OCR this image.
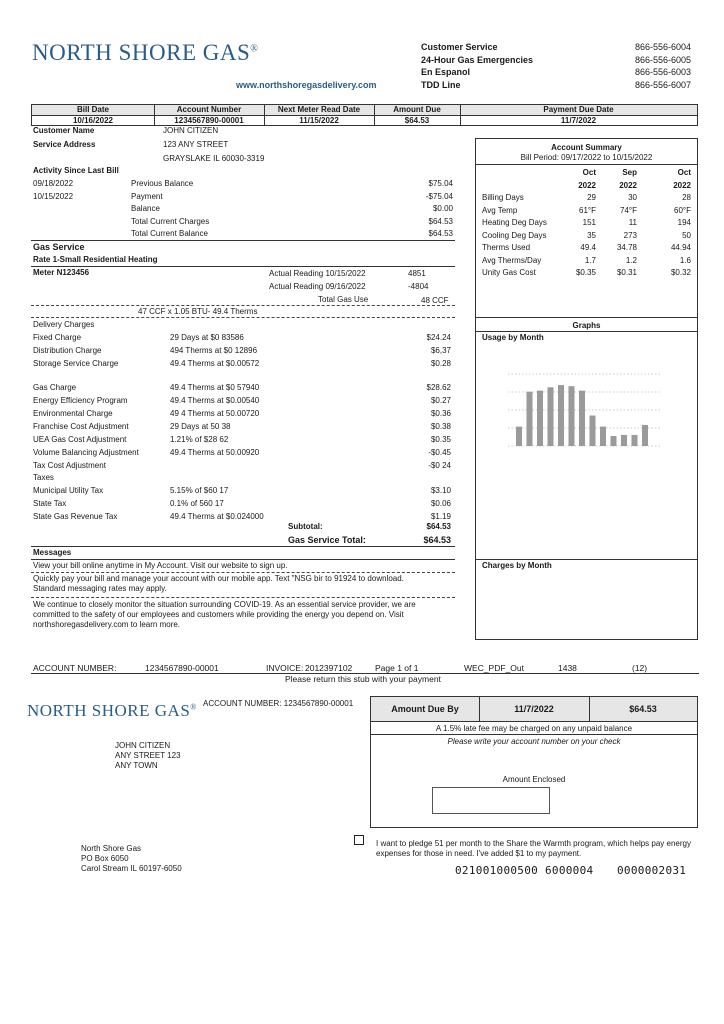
NORTH SHORE GAS®
www.northshoregasdelivery.com
Customer Service	866-556-6004
24-Hour Gas Emergencies	866-556-6005
En Espanol	866-556-6003
TDD Line	866-556-6007
Bill Date	Account Number	Next Meter Read Date	Amount Due	Payment Due Date
10/16/2022	1234567890-00001	11/15/2022	$64.53	11/7/2022
Customer Name	JOHN CITIZEN
Service Address	123 ANY STREET
GRAYSLAKE IL 60030-3319
Activity Since Last Bill
09/18/2022	Previous Balance	$75.04
10/15/2022	Payment	-$75.04
Balance	$0.00
Total Current Charges	$64.53
Total Current Balance	$64.53
Gas Service
Rate 1-Small Residential Heating
Meter N123456	Actual Reading 10/15/2022	4851
Actual Reading 09/16/2022	-4804
Total Gas Use	48 CCF
47 CCF x 1.05 BTU- 49.4 Therms
Delivery Charges
Fixed Charge	29 Days at $0 83586	$24.24
Distribution Charge	494 Therms at $0 12896	$6,37
Storage Service Charge	49.4 Therms at $0.00572	$0.28
Gas Charge	49.4 Therms at $0 57940	$28.62
Energy Efficiency Program	49.4 Therms at $0.00540	$0.27
Environmental Charge	49 4 Therms at 50.00720	$0.36
Franchise Cost Adjustment	29 Days at 50 38	$0.38
UEA Gas Cost Adjustment	1.21% of $28 62	$0.35
Volume Balancing Adjustment	49.4 Therms at 50.00920	-$0.45
Tax Cost Adjustment	-$0 24
Taxes
Municipal Utility Tax	5.15% of $60 17	$3.10
State Tax	0.1% of 560 17	$0.06
State Gas Revenue Tax	49.4 Therms at $0.024000	$1.19
Subtotal:	$64.53
Gas Service Total:	$64.53
Messages
View your bill online anytime in My Account. Visit our website to sign up.
Quickly pay your bill and manage your account with our mobile app. Text "NSG bir to 91924 to download. Standard messaging rates may apply.
We continue to closely monitor the situation surrounding COVID-19. As an essential service provider, we are committed to the safety of our employees and customers while providing the energy you depend on. Visit northshoregasdelivery.com to learn more.
Account Summary
Bill Period: 09/17/2022 to 10/15/2022
Oct	Sep	Oct
2022	2022	2022
Billing Days	29	30	28
Avg Temp	61°F	74°F	60°F
Heating Deg Days	151	11	194
Cooling Deg Days	35	273	50
Therms Used	49.4	34.78	44.94
Avg Therms/Day	1.7	1.2	1.6
Unity Gas Cost	$0.35	$0.31	$0.32
Graphs
Usage by Month
Charges by Month
ACCOUNT NUMBER:	1234567890-00001	INVOICE: 2012397102	Page 1 of 1	WEC_PDF_Out	1438	(12)
Please return this stub with your payment
NORTH SHORE GAS® ACCOUNT NUMBER: 1234567890-00001
JOHN CITIZEN
ANY STREET 123
ANY TOWN
North Shore Gas
PO Box 6050
Carol Stream IL 60197-6050
Amount Due By	11/7/2022	$64.53
A 1.5% late fee may be charged on any unpaid balance
Please write your account number on your check
Amount Enclosed
I want to pledge 51 per month to the Share the Warmth program, which helps pay energy expenses for those in need. I've added $1 to my payment.
021001000500 6000004 0000002031
